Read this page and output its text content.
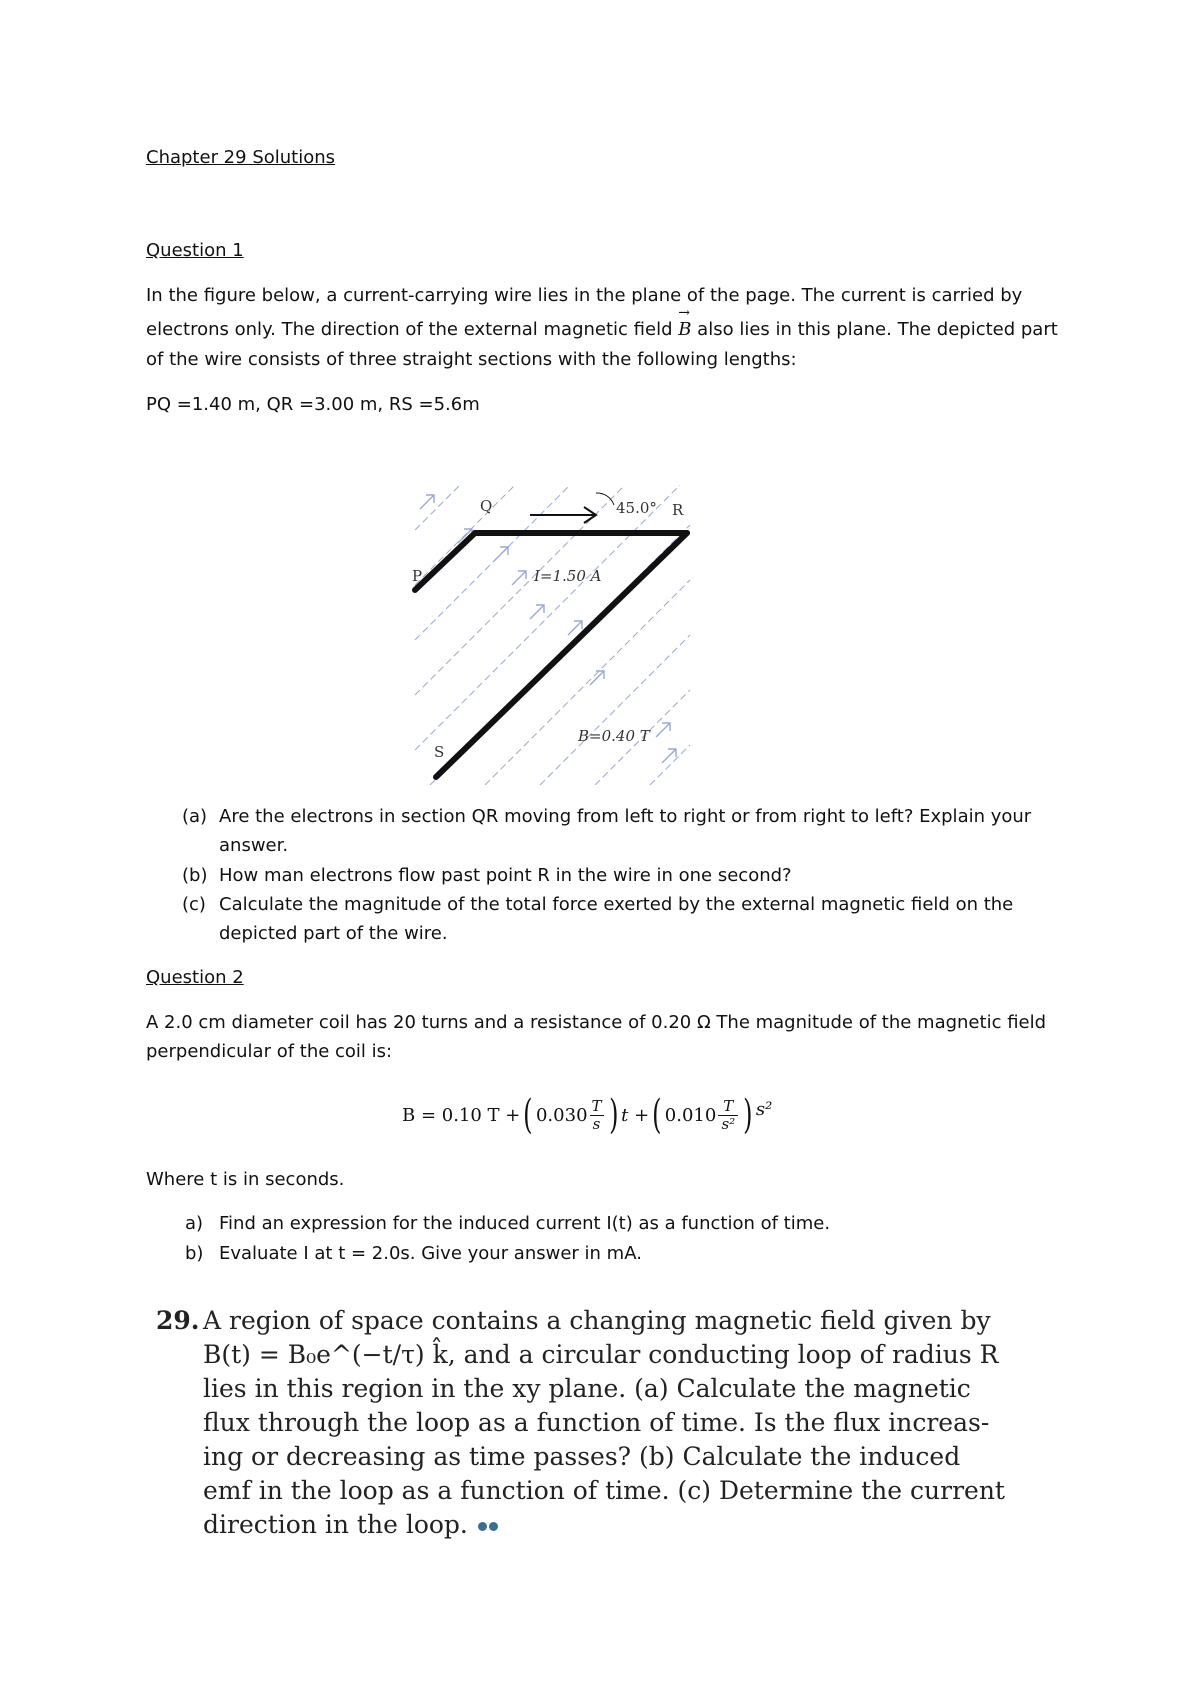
Chapter 29 Solutions
Question 1
In the figure below, a current-carrying wire lies in the plane of the page. The current is carried by
electrons only. The direction of the external magnetic field
→
B also lies in this plane. The depicted part
of the wire consists of three straight sections with the following lengths:
PQ =1.40 m, QR =3.00 m, RS =5.6m
P
Q	R
S
45.0°
I=1.50 A
B=0.40 T
(a) Are the electrons in section QR moving from left to right or from right to left? Explain your
answer.
(b) How man electrons flow past point R in the wire in one second?
(c) Calculate the magnitude of the total force exerted by the external magnetic field on the
depicted part of the wire.
Question 2
A 2.0 cm diameter coil has 20 turns and a resistance of 0.20 Ω The magnitude of the magnetic field
perpendicular of the coil is:
B = 0.10 T + ( 0.030 T
s ) t + ( 0.010 T
s² ) s²
Where t is in seconds.
a) Find an expression for the induced current I(t) as a function of time.
b) Evaluate I at t = 2.0s. Give your answer in mA.
29. A region of space contains a changing magnetic field given by
B(t) = B₀e^(−t/τ) k̂, and a circular conducting loop of radius R
lies in this region in the xy plane. (a) Calculate the magnetic
flux through the loop as a function of time. Is the flux increas-
ing or decreasing as time passes? (b) Calculate the induced
emf in the loop as a function of time. (c) Determine the current
direction in the loop.
